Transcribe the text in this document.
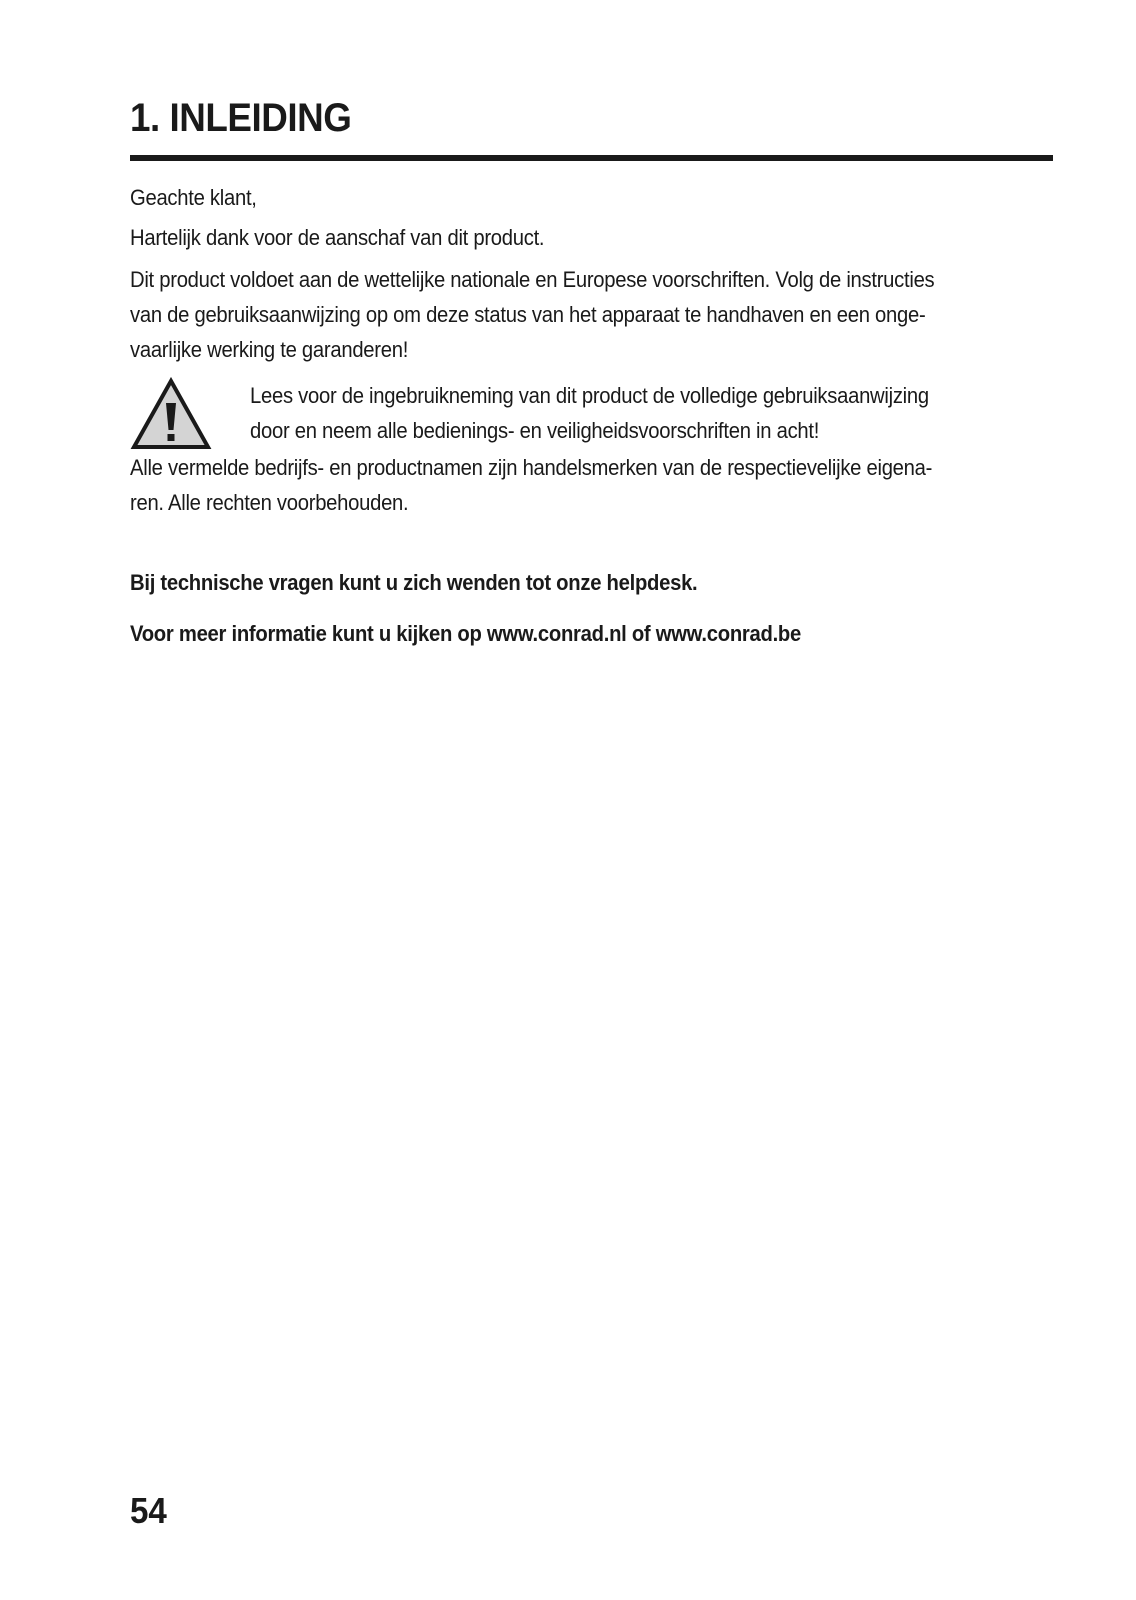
1. INLEIDING

Geachte klant,

Hartelijk dank voor de aanschaf van dit product.

Dit product voldoet aan de wettelijke nationale en Europese voorschriften. Volg de instructies
van de gebruiksaanwijzing op om deze status van het apparaat te handhaven en een onge-
vaarlijke werking te garanderen!

Lees voor de ingebruikneming van dit product de volledige gebruiksaanwijzing
door en neem alle bedienings- en veiligheidsvoorschriften in acht!

Alle vermelde bedrijfs- en productnamen zijn handelsmerken van de respectievelijke eigena-
ren. Alle rechten voorbehouden.

Bij technische vragen kunt u zich wenden tot onze helpdesk.

Voor meer informatie kunt u kijken op www.conrad.nl of www.conrad.be

54
